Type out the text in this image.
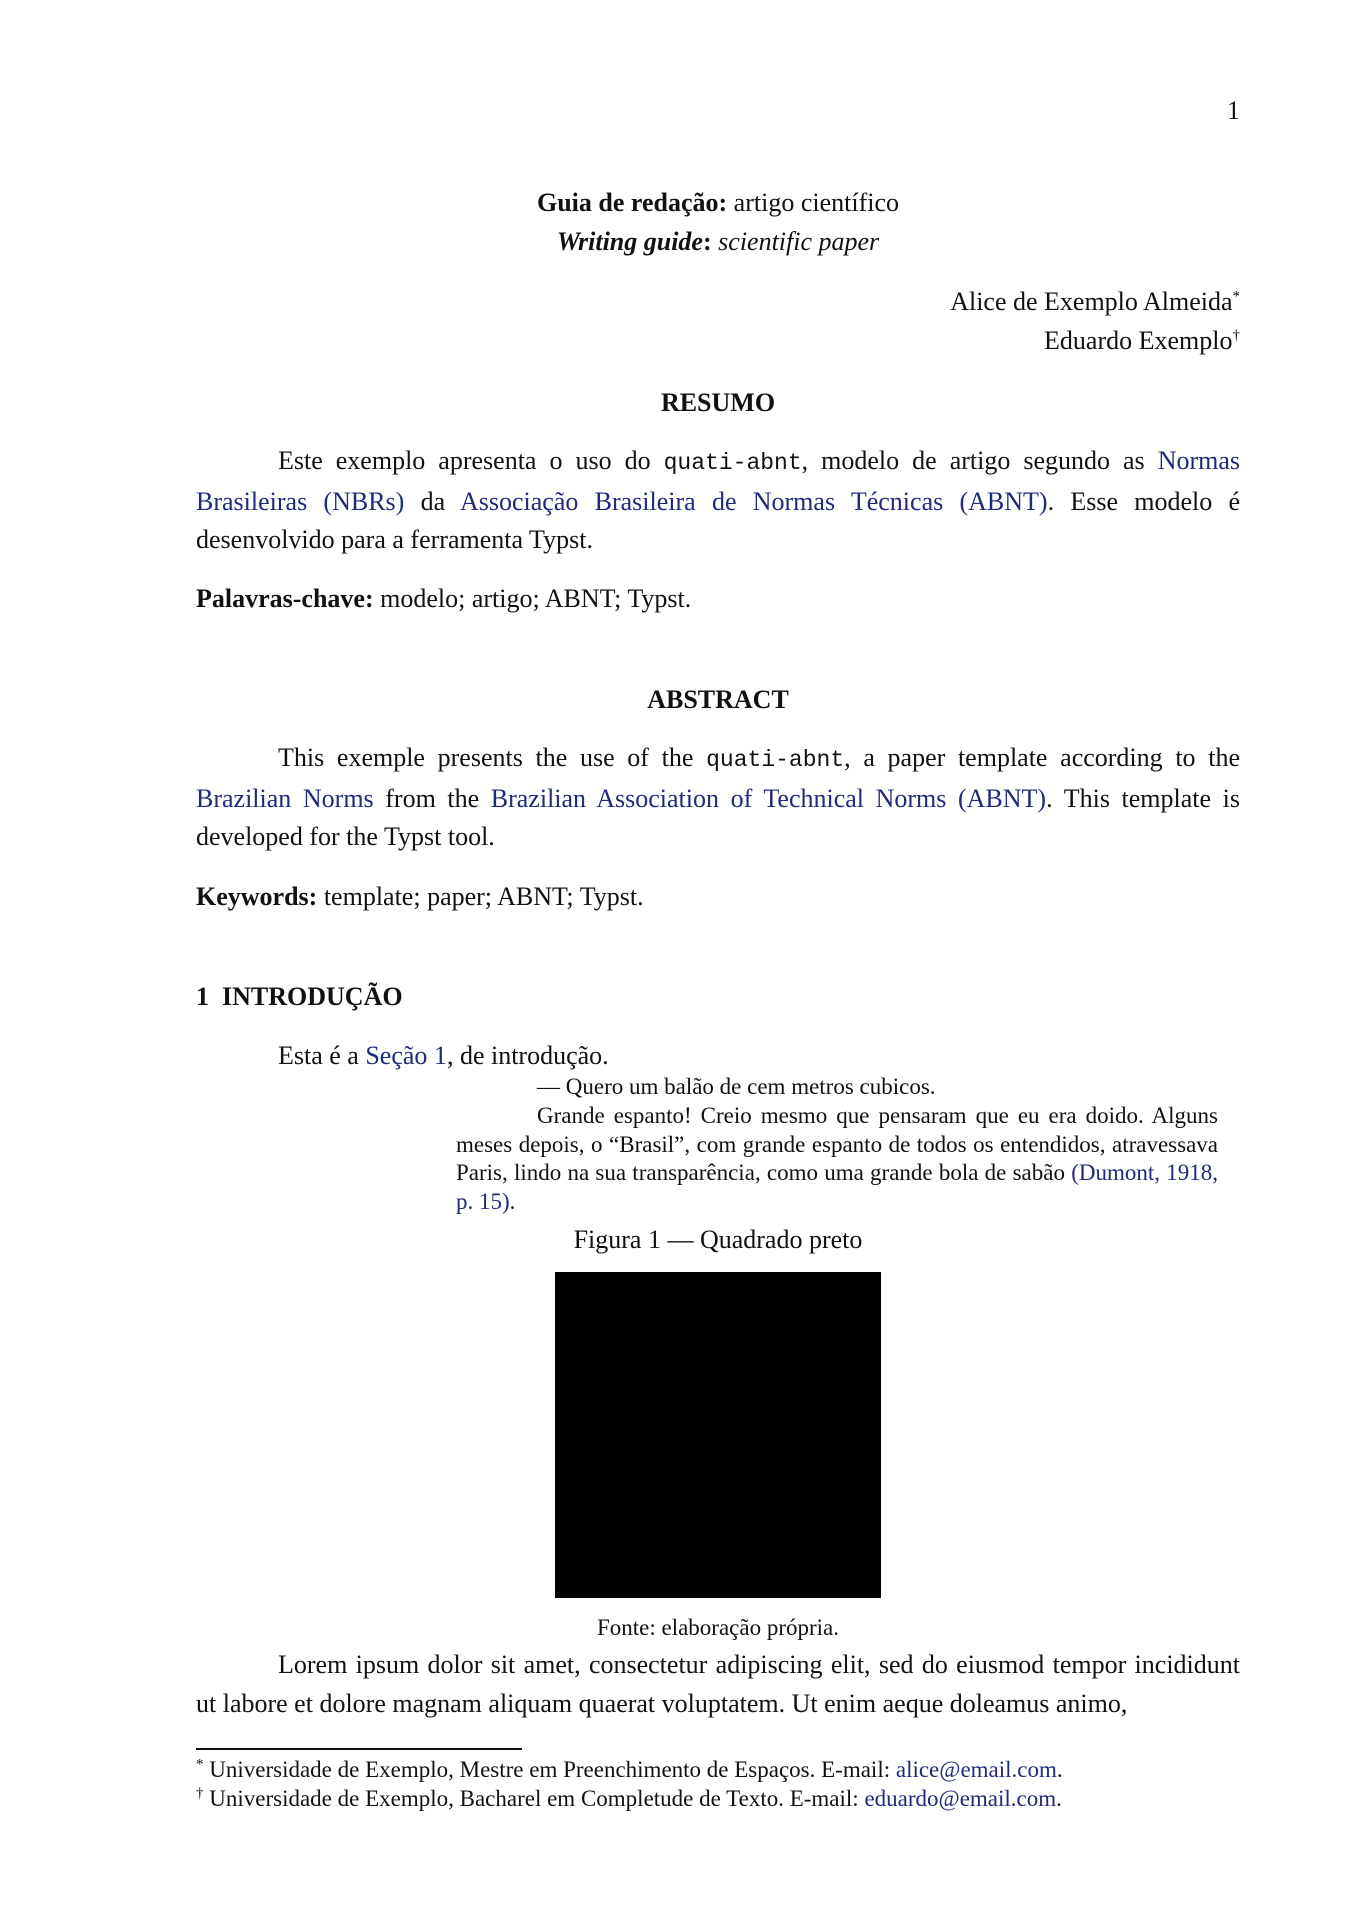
1
Guia de redação: artigo científico
Writing guide: scientific paper
Alice de Exemplo Almeida*
Eduardo Exemplo†
RESUMO
Este exemplo apresenta o uso do quati-abnt, modelo de artigo segundo as Normas Brasileiras (NBRs) da Associação Brasileira de Normas Técnicas (ABNT). Esse modelo é desenvolvido para a ferramenta Typst.
Palavras-chave: modelo; artigo; ABNT; Typst.
ABSTRACT
This exemple presents the use of the quati-abnt, a paper template according to the Brazilian Norms from the Brazilian Association of Technical Norms (ABNT). This template is developed for the Typst tool.
Keywords: template; paper; ABNT; Typst.
1 INTRODUÇÃO
Esta é a Seção 1, de introdução.
— Quero um balão de cem metros cubicos.
Grande espanto! Creio mesmo que pensaram que eu era doido. Alguns meses depois, o “Brasil”, com grande espanto de todos os entendidos, atravessava Paris, lindo na sua transparência, como uma grande bola de sabão (Dumont, 1918, p. 15).
Figura 1 — Quadrado preto
Fonte: elaboração própria.
Lorem ipsum dolor sit amet, consectetur adipiscing elit, sed do eiusmod tempor incididunt ut labore et dolore magnam aliquam quaerat voluptatem. Ut enim aeque doleamus animo,
* Universidade de Exemplo, Mestre em Preenchimento de Espaços. E-mail: alice@email.com.
† Universidade de Exemplo, Bacharel em Completude de Texto. E-mail: eduardo@email.com.
